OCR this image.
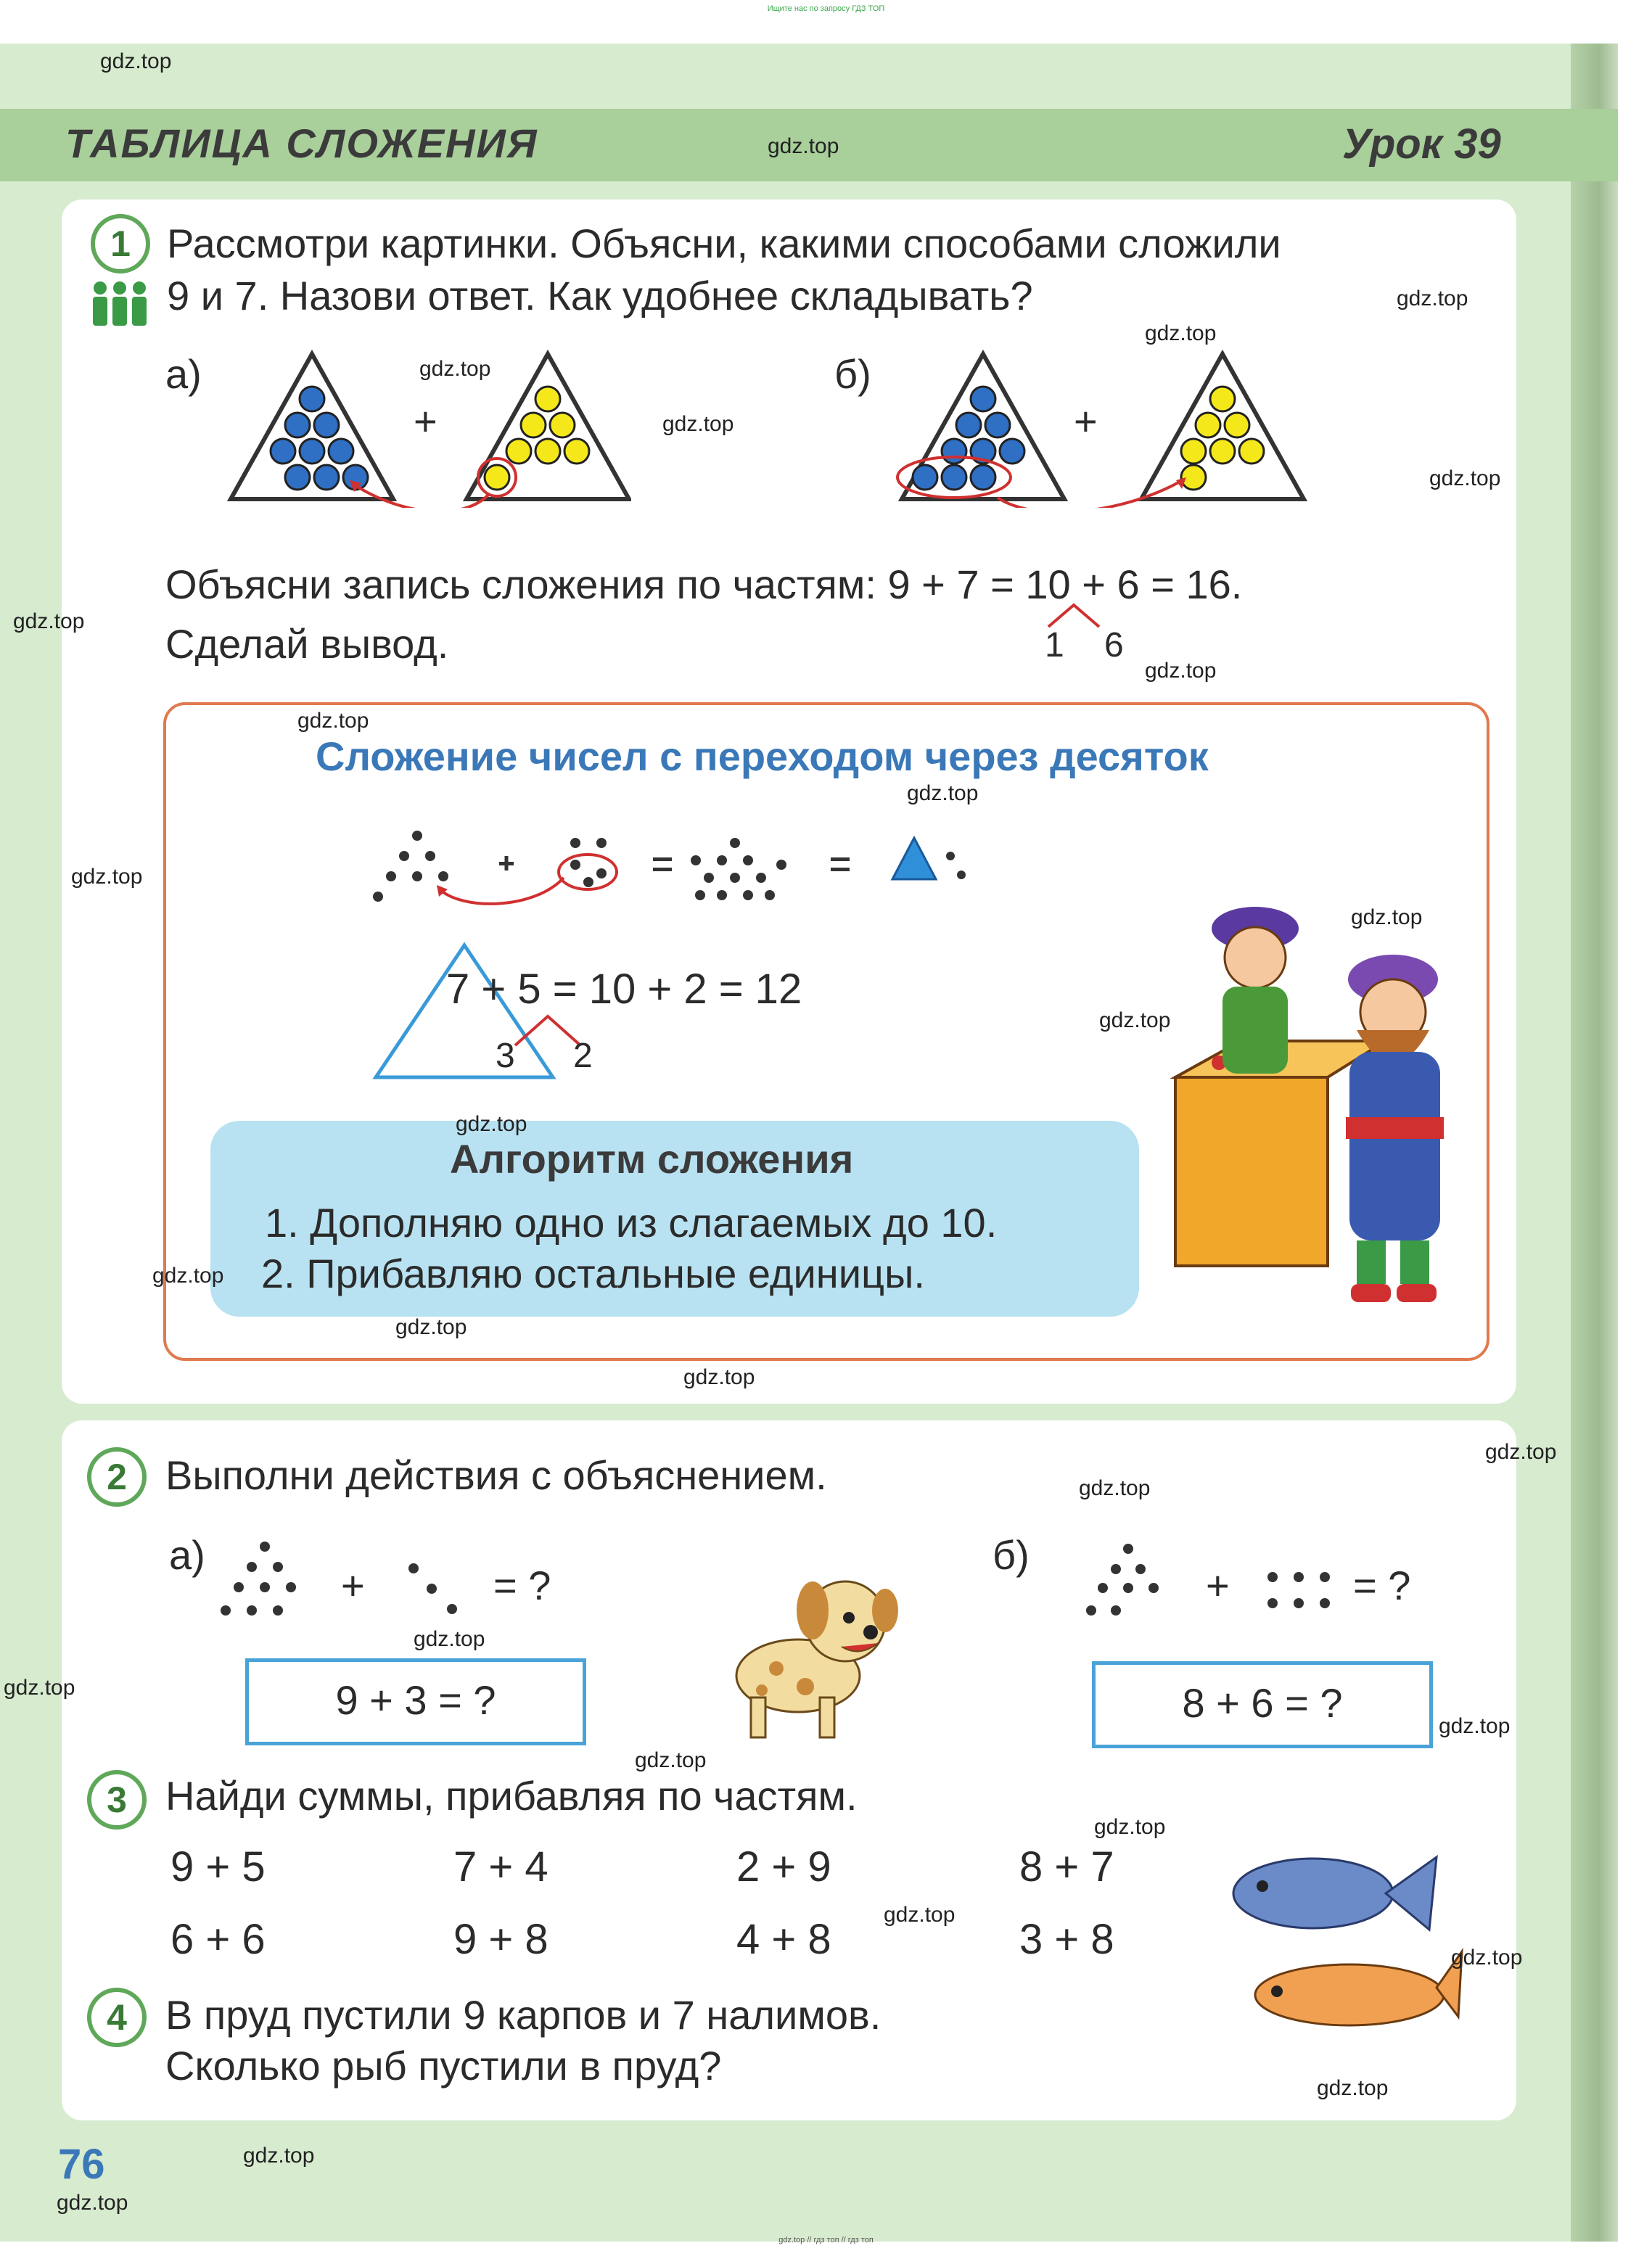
Ищите нас по запросу ГДЗ ТОП
ТАБЛИЦА СЛОЖЕНИЯ	Урок 39
1 Рассмотри картинки. Объясни, какими способами сложили
9 и 7. Назови ответ. Как удобнее складывать?
а)
+
б)
+
Объясни запись сложения по частям: 9 + 7 = 10 + 6 = 16.
1 6
Сделай вывод.
Сложение чисел с переходом через десяток
7 + 5 = 10 + 2 = 12
3 2
Алгоритм сложения
1. Дополняю одно из слагаемых до 10.
2. Прибавляю остальные единицы.
2 Выполни действия с объяснением.
а)
+	= ?
9 + 3 = ?
б)
+	= ?
8 + 6 = ?
3 Найди суммы, прибавляя по частям.
9 + 5	7 + 4	2 + 9	8 + 7
6 + 6	9 + 8	4 + 8	3 + 8
4 В пруд пустили 9 карпов и 7 налимов.
Сколько рыб пустили в пруд?
76
gdz.top
gdz.top
gdz.top
gdz.top
gdz.top
gdz.top
gdz.top
gdz.top
gdz.top
gdz.top
gdz.top
gdz.top
gdz.top
gdz.top
gdz.top
gdz.top
gdz.top
gdz.top
gdz.top
gdz.top
gdz.top
gdz.top
gdz.top
gdz.top
gdz.top
gdz.top
gdz.top
gdz.top
gdz.top
gdz.top
gdz.top // гдз топ // гдз топ
